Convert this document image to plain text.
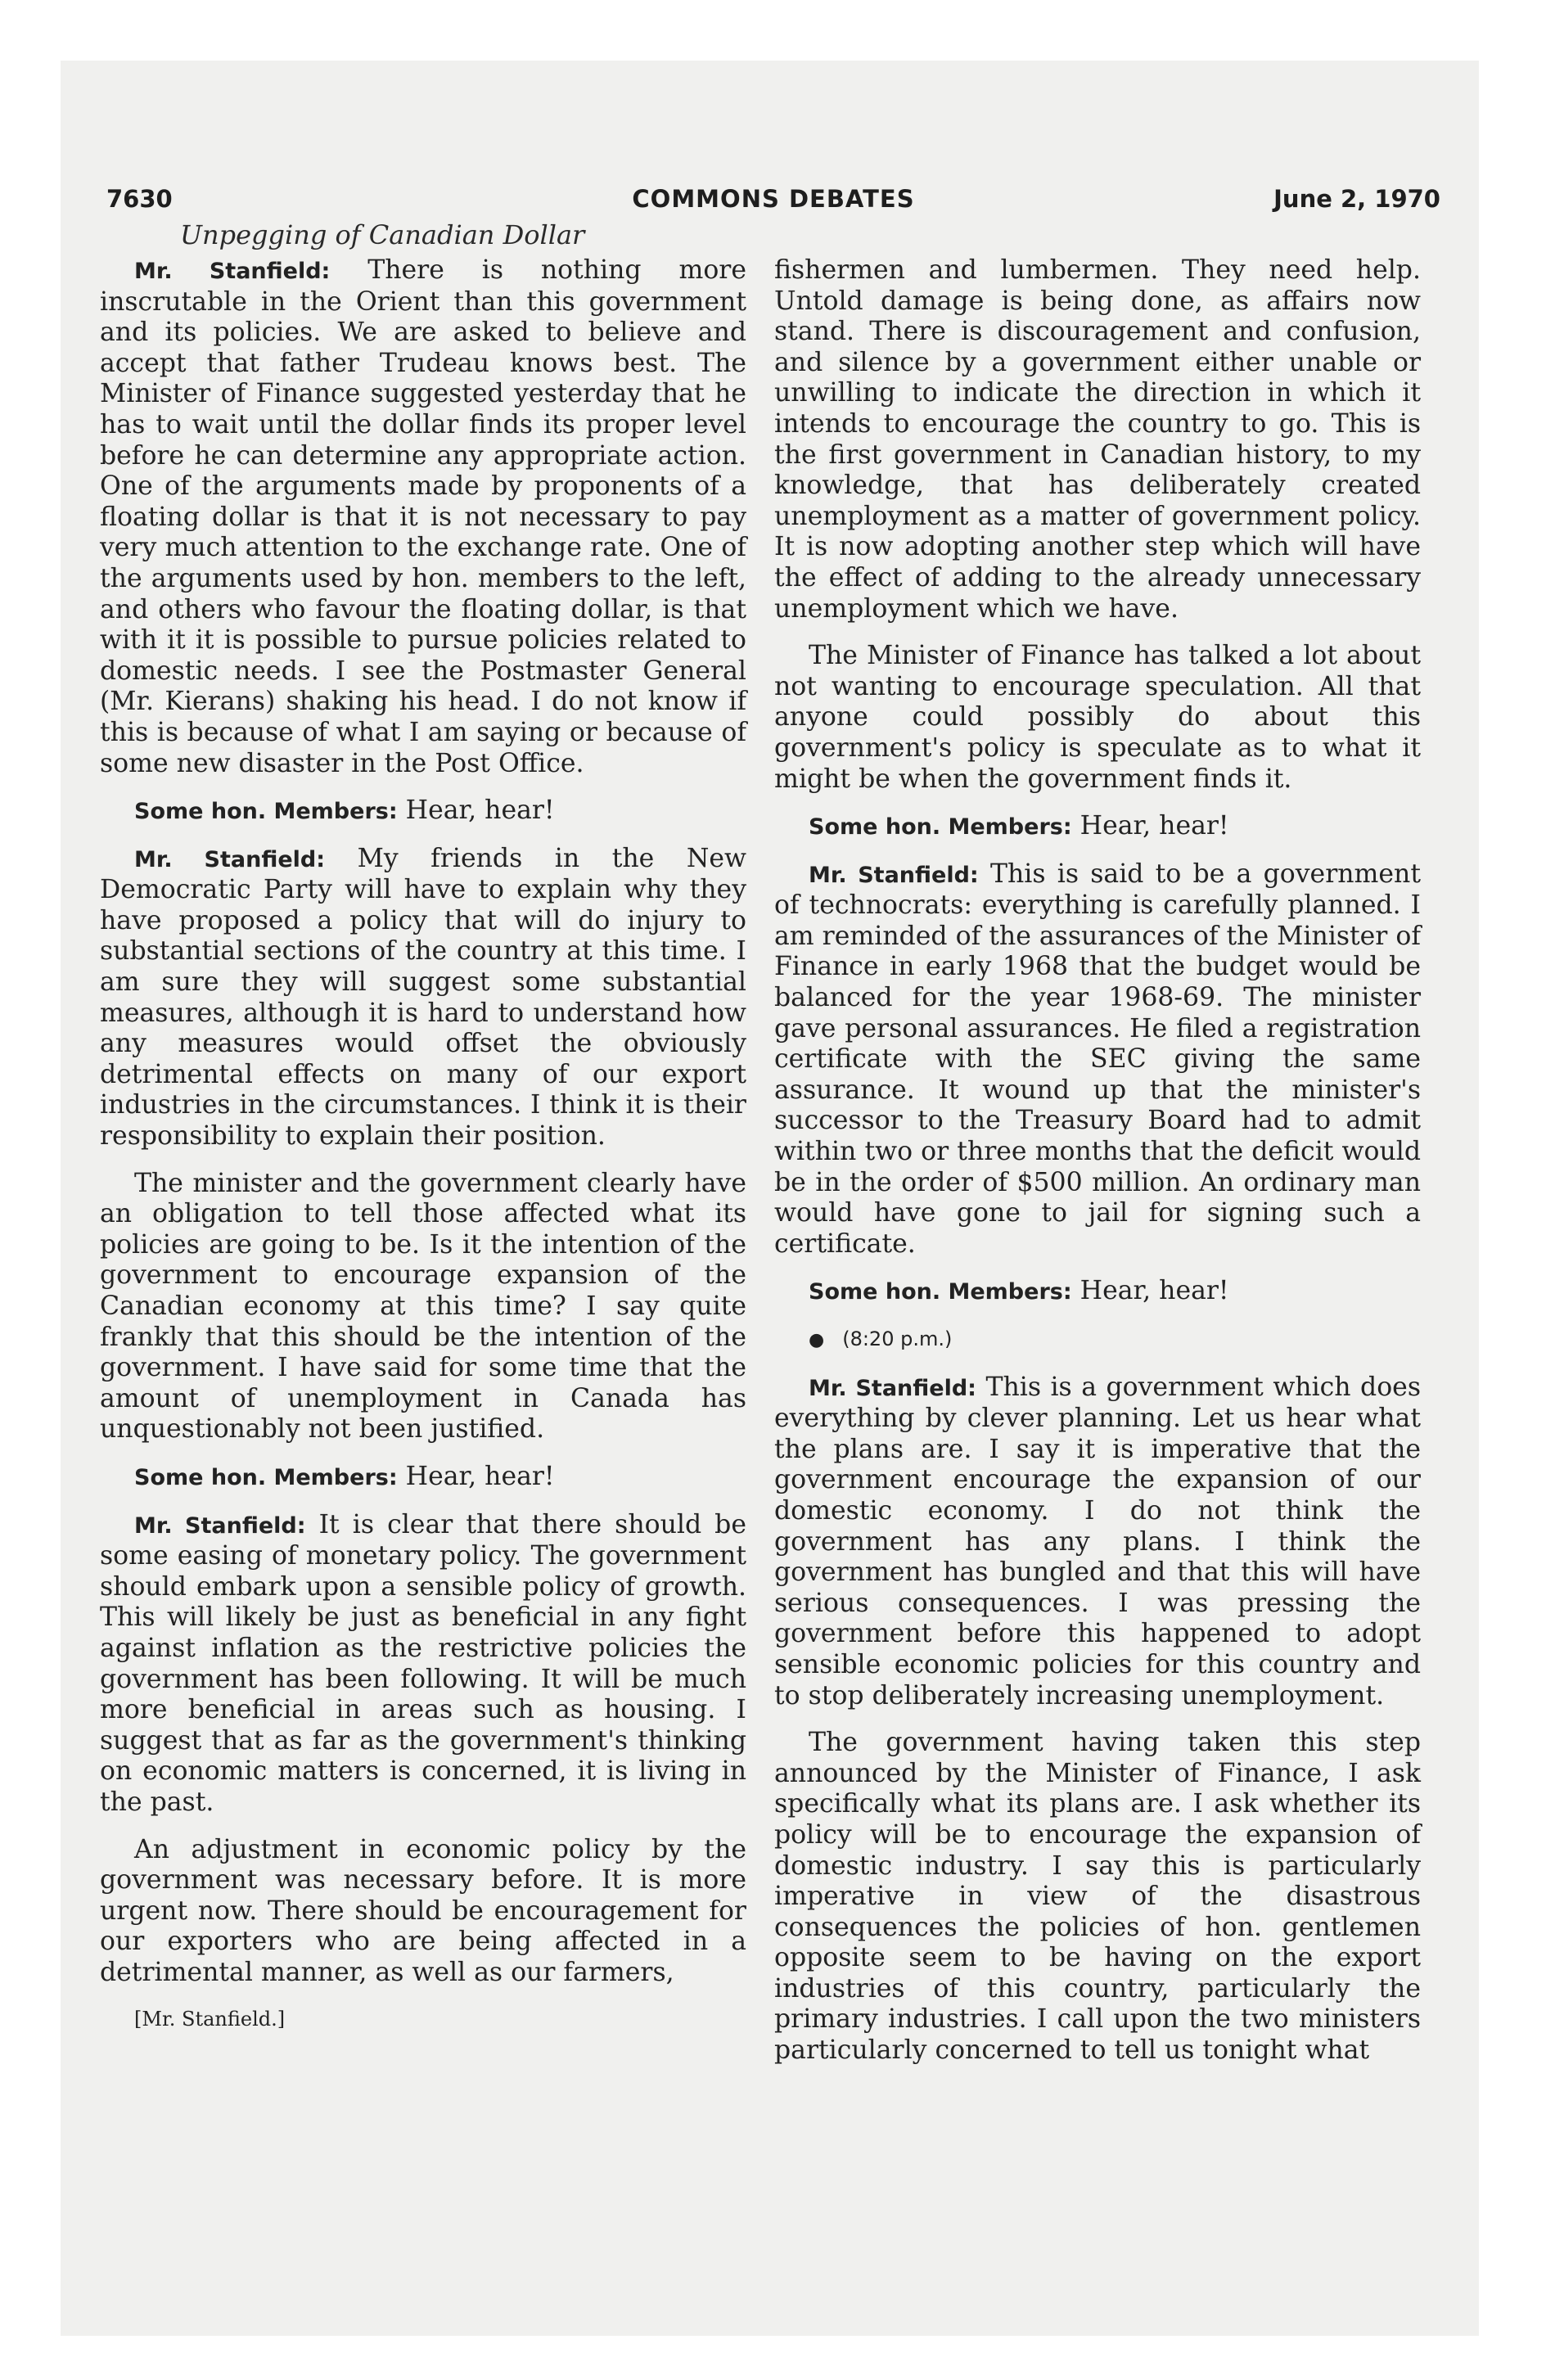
7630	COMMONS DEBATES	June 2, 1970
Unpegging of Canadian Dollar

Mr. Stanfield: There is nothing more inscrutable in the Orient than this government and its policies. We are asked to believe and accept that father Trudeau knows best. The Minister of Finance suggested yesterday that he has to wait until the dollar finds its proper level before he can determine any appropriate action. One of the arguments made by proponents of a floating dollar is that it is not necessary to pay very much attention to the exchange rate. One of the arguments used by hon. members to the left, and others who favour the floating dollar, is that with it it is possible to pursue policies related to domestic needs. I see the Postmaster General (Mr. Kierans) shaking his head. I do not know if this is because of what I am saying or because of some new disaster in the Post Office.

Some hon. Members: Hear, hear!

Mr. Stanfield: My friends in the New Democratic Party will have to explain why they have proposed a policy that will do injury to substantial sections of the country at this time. I am sure they will suggest some substantial measures, although it is hard to understand how any measures would offset the obviously detrimental effects on many of our export industries in the circumstances. I think it is their responsibility to explain their position.

The minister and the government clearly have an obligation to tell those affected what its policies are going to be. Is it the intention of the government to encourage expansion of the Canadian economy at this time? I say quite frankly that this should be the intention of the government. I have said for some time that the amount of unemployment in Canada has unquestionably not been justified.

Some hon. Members: Hear, hear!

Mr. Stanfield: It is clear that there should be some easing of monetary policy. The government should embark upon a sensible policy of growth. This will likely be just as beneficial in any fight against inflation as the restrictive policies the government has been following. It will be much more beneficial in areas such as housing. I suggest that as far as the government's thinking on economic matters is concerned, it is living in the past.

An adjustment in economic policy by the government was necessary before. It is more urgent now. There should be encouragement for our exporters who are being affected in a detrimental manner, as well as our farmers,

[Mr. Stanfield.]

fishermen and lumbermen. They need help. Untold damage is being done, as affairs now stand. There is discouragement and confusion, and silence by a government either unable or unwilling to indicate the direction in which it intends to encourage the country to go. This is the first government in Canadian history, to my knowledge, that has deliberately created unemployment as a matter of government policy. It is now adopting another step which will have the effect of adding to the already unnecessary unemployment which we have.

The Minister of Finance has talked a lot about not wanting to encourage speculation. All that anyone could possibly do about this government's policy is speculate as to what it might be when the government finds it.

Some hon. Members: Hear, hear!

Mr. Stanfield: This is said to be a government of technocrats: everything is carefully planned. I am reminded of the assurances of the Minister of Finance in early 1968 that the budget would be balanced for the year 1968-69. The minister gave personal assurances. He filed a registration certificate with the SEC giving the same assurance. It wound up that the minister's successor to the Treasury Board had to admit within two or three months that the deficit would be in the order of $500 million. An ordinary man would have gone to jail for signing such a certificate.

Some hon. Members: Hear, hear!

● (8:20 p.m.)

Mr. Stanfield: This is a government which does everything by clever planning. Let us hear what the plans are. I say it is imperative that the government encourage the expansion of our domestic economy. I do not think the government has any plans. I think the government has bungled and that this will have serious consequences. I was pressing the government before this happened to adopt sensible economic policies for this country and to stop deliberately increasing unemployment.

The government having taken this step announced by the Minister of Finance, I ask specifically what its plans are. I ask whether its policy will be to encourage the expansion of domestic industry. I say this is particularly imperative in view of the disastrous consequences the policies of hon. gentlemen opposite seem to be having on the export industries of this country, particularly the primary industries. I call upon the two ministers particularly concerned to tell us tonight what
